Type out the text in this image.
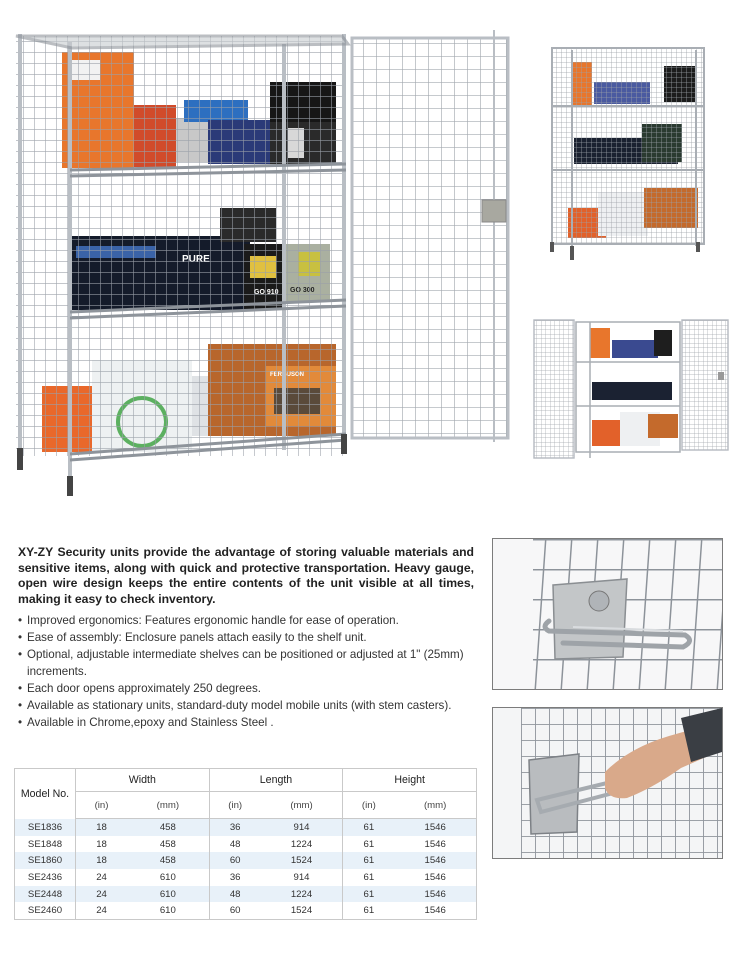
XY-ZY Security units provide the advantage of storing valuable materials and sensitive items, along with quick and protective transportation. Heavy gauge, open wire design keeps the entire contents of the unit visible at all times, making it easy to check inventory.

• Improved ergonomics: Features ergonomic handle for ease of operation.
• Ease of assembly: Enclosure panels attach easily to the shelf unit.
• Optional, adjustable intermediate shelves can be positioned or adjusted at 1" (25mm) increments.
• Each door opens approximately 250 degrees.
• Available as stationary units, standard-duty model mobile units (with stem casters).
• Available in Chrome,epoxy and Stainless Steel .
Model No.	Width		Length		Height	
	(in)	(mm)	(in)	(mm)	(in)	(mm)
SE1836	18	458	36	914	61	1546
SE1848	18	458	48	1224	61	1546
SE1860	18	458	60	1524	61	1546
SE2436	24	610	36	914	61	1546
SE2448	24	610	48	1224	61	1546
SE2460	24	610	60	1524	61	1546
